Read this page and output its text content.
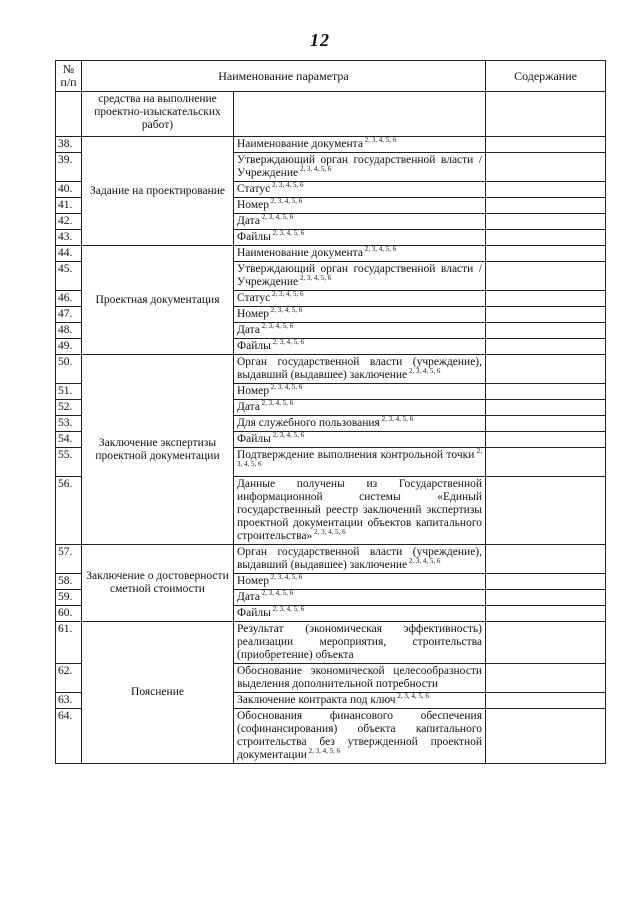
12
№
п/п	Наименование параметра		Содержание
	средства на выполнение проектно-изыскательских работ)		
38.	Задание на проектирование	Наименование документа $^{2, 3, 4, 5, 6}$	
39.		Утверждающий орган государственной власти / Учреждение $^{2, 3, 4, 5, 6}$	
40.		Статус $^{2, 3, 4, 5, 6}$	
41.		Номер $^{2, 3, 4, 5, 6}$	
42.		Дата $^{2, 3, 4, 5, 6}$	
43.		Файлы $^{2, 3, 4, 5, 6}$	
44.	Проектная документация	Наименование документа $^{2, 3, 4, 5, 6}$	
45.		Утверждающий орган государственной власти /Учреждение $^{2, 3, 4, 5, 6}$	
46.		Статус $^{2, 3, 4, 5, 6}$	
47.		Номер $^{2, 3, 4, 5, 6}$	
48.		Дата $^{2, 3, 4, 5, 6}$	
49.		Файлы $^{2, 3, 4, 5, 6}$	
50.	Заключение экспертизы проектной документации	Орган государственной власти (учреждение), выдавший (выдавшее) заключение $^{2, 3, 4, 5, 6}$	
51.		Номер $^{2, 3, 4, 5, 6}$	
52.		Дата $^{2, 3, 4, 5, 6}$	
53.		Для служебного пользования $^{2, 3, 4, 5, 6}$	
54.		Файлы $^{2, 3, 4, 5, 6}$	
55.		Подтверждение выполнения контрольной точки $^{2, 3, 4, 5, 6}$	
56.		Данные получены из Государственной информационной системы «Единый государственный реестр заключений экспертизы проектной документации объектов капитального строительства» $^{2, 3, 4, 5, 6}$	
57.	Заключение о достоверности сметной стоимости	Орган государственной власти (учреждение), выдавший (выдавшее) заключение $^{2, 3, 4, 5, 6}$	
58.		Номер $^{2, 3, 4, 5, 6}$	
59.		Дата $^{2, 3, 4, 5, 6}$	
60.		Файлы $^{2, 3, 4, 5, 6}$	
61.	Пояснение	Результат (экономическая эффективность) реализации мероприятия, строительства (приобретение) объекта	
62.		Обоснование экономической целесообразности выделения дополнительной потребности	
63.		Заключение контракта под ключ $^{2, 3, 4, 5, 6}$	
64.		Обоснования финансового обеспечения (софинансирования) объекта капитального строительства без утвержденной проектной документации $^{2, 3, 4, 5, 6}$	
